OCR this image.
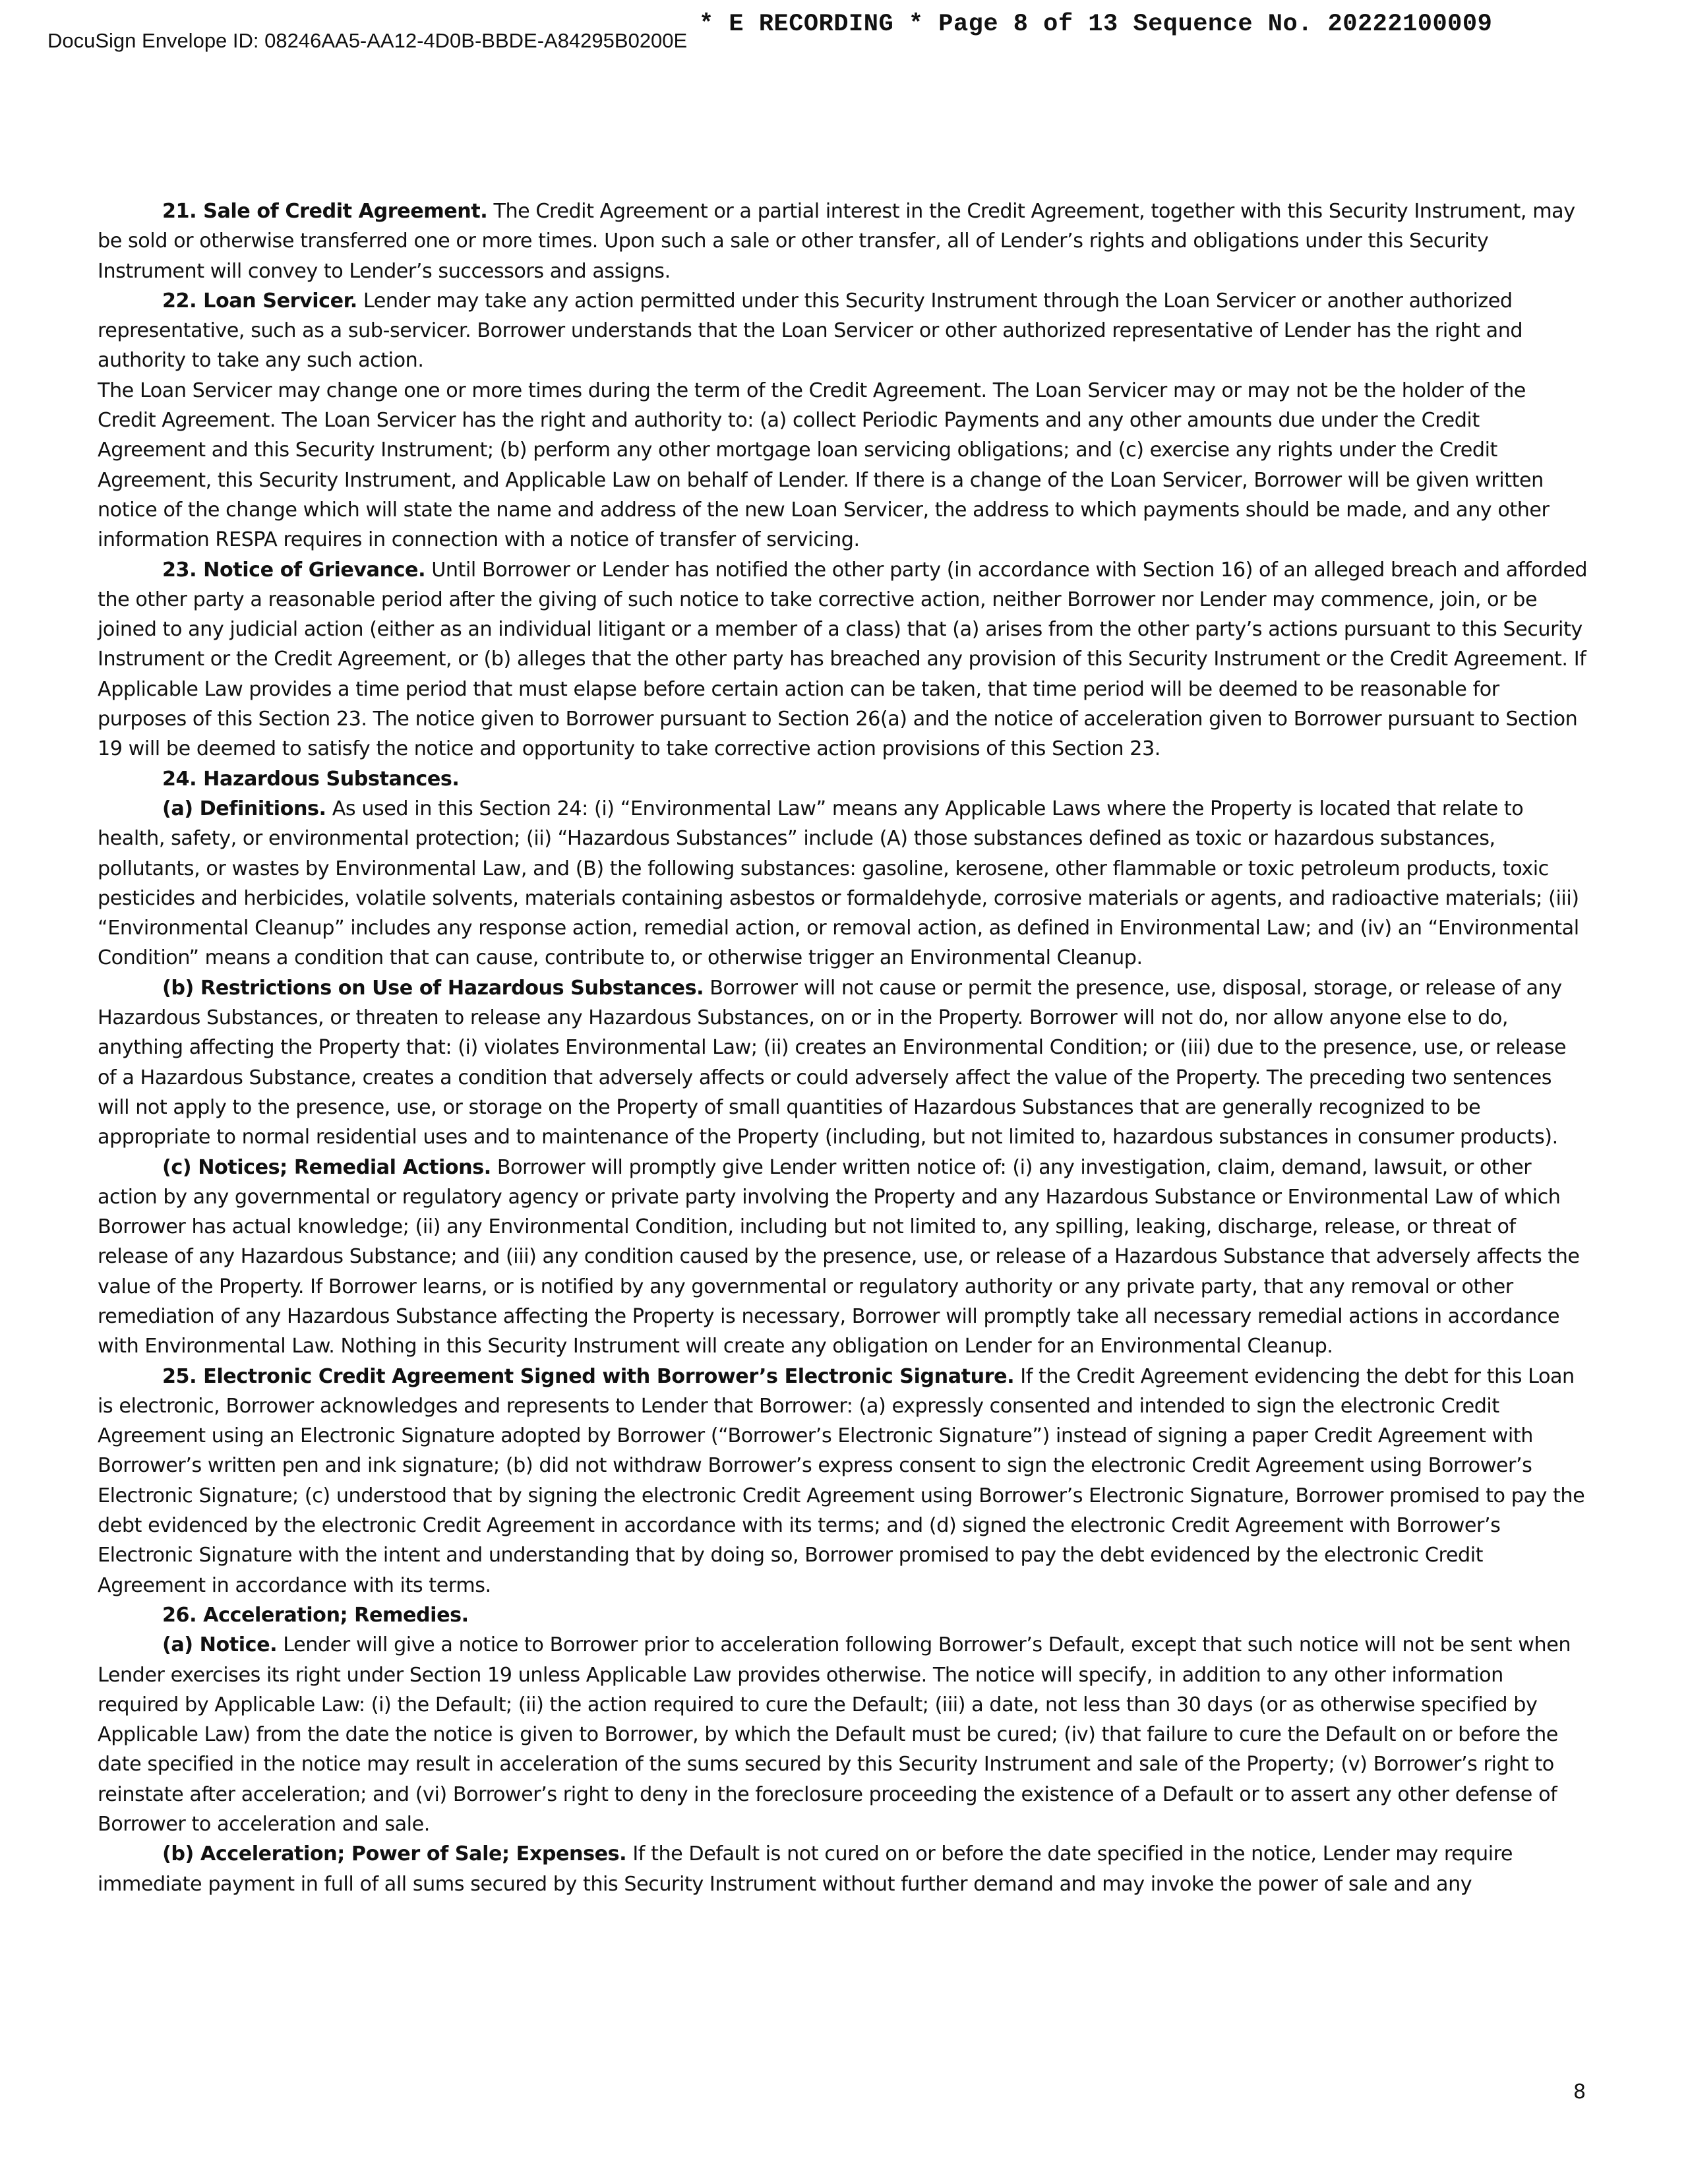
DocuSign Envelope ID: 08246AA5-AA12-4D0B-BBDE-A84295B0200E
* E RECORDING * Page 8 of 13 Sequence No. 20222100009

21. Sale of Credit Agreement. The Credit Agreement or a partial interest in the Credit Agreement, together with this Security Instrument, may be sold or otherwise transferred one or more times. Upon such a sale or other transfer, all of Lender’s rights and obligations under this Security Instrument will convey to Lender’s successors and assigns.

22. Loan Servicer. Lender may take any action permitted under this Security Instrument through the Loan Servicer or another authorized representative, such as a sub-servicer. Borrower understands that the Loan Servicer or other authorized representative of Lender has the right and authority to take any such action.

The Loan Servicer may change one or more times during the term of the Credit Agreement. The Loan Servicer may or may not be the holder of the Credit Agreement. The Loan Servicer has the right and authority to: (a) collect Periodic Payments and any other amounts due under the Credit Agreement and this Security Instrument; (b) perform any other mortgage loan servicing obligations; and (c) exercise any rights under the Credit Agreement, this Security Instrument, and Applicable Law on behalf of Lender. If there is a change of the Loan Servicer, Borrower will be given written notice of the change which will state the name and address of the new Loan Servicer, the address to which payments should be made, and any other information RESPA requires in connection with a notice of transfer of servicing.

23. Notice of Grievance. Until Borrower or Lender has notified the other party (in accordance with Section 16) of an alleged breach and afforded the other party a reasonable period after the giving of such notice to take corrective action, neither Borrower nor Lender may commence, join, or be joined to any judicial action (either as an individual litigant or a member of a class) that (a) arises from the other party’s actions pursuant to this Security Instrument or the Credit Agreement, or (b) alleges that the other party has breached any provision of this Security Instrument or the Credit Agreement. If Applicable Law provides a time period that must elapse before certain action can be taken, that time period will be deemed to be reasonable for purposes of this Section 23. The notice given to Borrower pursuant to Section 26(a) and the notice of acceleration given to Borrower pursuant to Section 19 will be deemed to satisfy the notice and opportunity to take corrective action provisions of this Section 23.

24. Hazardous Substances.

(a) Definitions. As used in this Section 24: (i) “Environmental Law” means any Applicable Laws where the Property is located that relate to health, safety, or environmental protection; (ii) “Hazardous Substances” include (A) those substances defined as toxic or hazardous substances, pollutants, or wastes by Environmental Law, and (B) the following substances: gasoline, kerosene, other flammable or toxic petroleum products, toxic pesticides and herbicides, volatile solvents, materials containing asbestos or formaldehyde, corrosive materials or agents, and radioactive materials; (iii) “Environmental Cleanup” includes any response action, remedial action, or removal action, as defined in Environmental Law; and (iv) an “Environmental Condition” means a condition that can cause, contribute to, or otherwise trigger an Environmental Cleanup.

(b) Restrictions on Use of Hazardous Substances. Borrower will not cause or permit the presence, use, disposal, storage, or release of any Hazardous Substances, or threaten to release any Hazardous Substances, on or in the Property. Borrower will not do, nor allow anyone else to do, anything affecting the Property that: (i) violates Environmental Law; (ii) creates an Environmental Condition; or (iii) due to the presence, use, or release of a Hazardous Substance, creates a condition that adversely affects or could adversely affect the value of the Property. The preceding two sentences will not apply to the presence, use, or storage on the Property of small quantities of Hazardous Substances that are generally recognized to be appropriate to normal residential uses and to maintenance of the Property (including, but not limited to, hazardous substances in consumer products).

(c) Notices; Remedial Actions. Borrower will promptly give Lender written notice of: (i) any investigation, claim, demand, lawsuit, or other action by any governmental or regulatory agency or private party involving the Property and any Hazardous Substance or Environmental Law of which Borrower has actual knowledge; (ii) any Environmental Condition, including but not limited to, any spilling, leaking, discharge, release, or threat of release of any Hazardous Substance; and (iii) any condition caused by the presence, use, or release of a Hazardous Substance that adversely affects the value of the Property. If Borrower learns, or is notified by any governmental or regulatory authority or any private party, that any removal or other remediation of any Hazardous Substance affecting the Property is necessary, Borrower will promptly take all necessary remedial actions in accordance with Environmental Law. Nothing in this Security Instrument will create any obligation on Lender for an Environmental Cleanup.

25. Electronic Credit Agreement Signed with Borrower’s Electronic Signature. If the Credit Agreement evidencing the debt for this Loan is electronic, Borrower acknowledges and represents to Lender that Borrower: (a) expressly consented and intended to sign the electronic Credit Agreement using an Electronic Signature adopted by Borrower (“Borrower’s Electronic Signature”) instead of signing a paper Credit Agreement with Borrower’s written pen and ink signature; (b) did not withdraw Borrower’s express consent to sign the electronic Credit Agreement using Borrower’s Electronic Signature; (c) understood that by signing the electronic Credit Agreement using Borrower’s Electronic Signature, Borrower promised to pay the debt evidenced by the electronic Credit Agreement in accordance with its terms; and (d) signed the electronic Credit Agreement with Borrower’s Electronic Signature with the intent and understanding that by doing so, Borrower promised to pay the debt evidenced by the electronic Credit Agreement in accordance with its terms.

26. Acceleration; Remedies.

(a) Notice. Lender will give a notice to Borrower prior to acceleration following Borrower’s Default, except that such notice will not be sent when Lender exercises its right under Section 19 unless Applicable Law provides otherwise. The notice will specify, in addition to any other information required by Applicable Law: (i) the Default; (ii) the action required to cure the Default; (iii) a date, not less than 30 days (or as otherwise specified by Applicable Law) from the date the notice is given to Borrower, by which the Default must be cured; (iv) that failure to cure the Default on or before the date specified in the notice may result in acceleration of the sums secured by this Security Instrument and sale of the Property; (v) Borrower’s right to reinstate after acceleration; and (vi) Borrower’s right to deny in the foreclosure proceeding the existence of a Default or to assert any other defense of Borrower to acceleration and sale.

(b) Acceleration; Power of Sale; Expenses. If the Default is not cured on or before the date specified in the notice, Lender may require immediate payment in full of all sums secured by this Security Instrument without further demand and may invoke the power of sale and any

8
